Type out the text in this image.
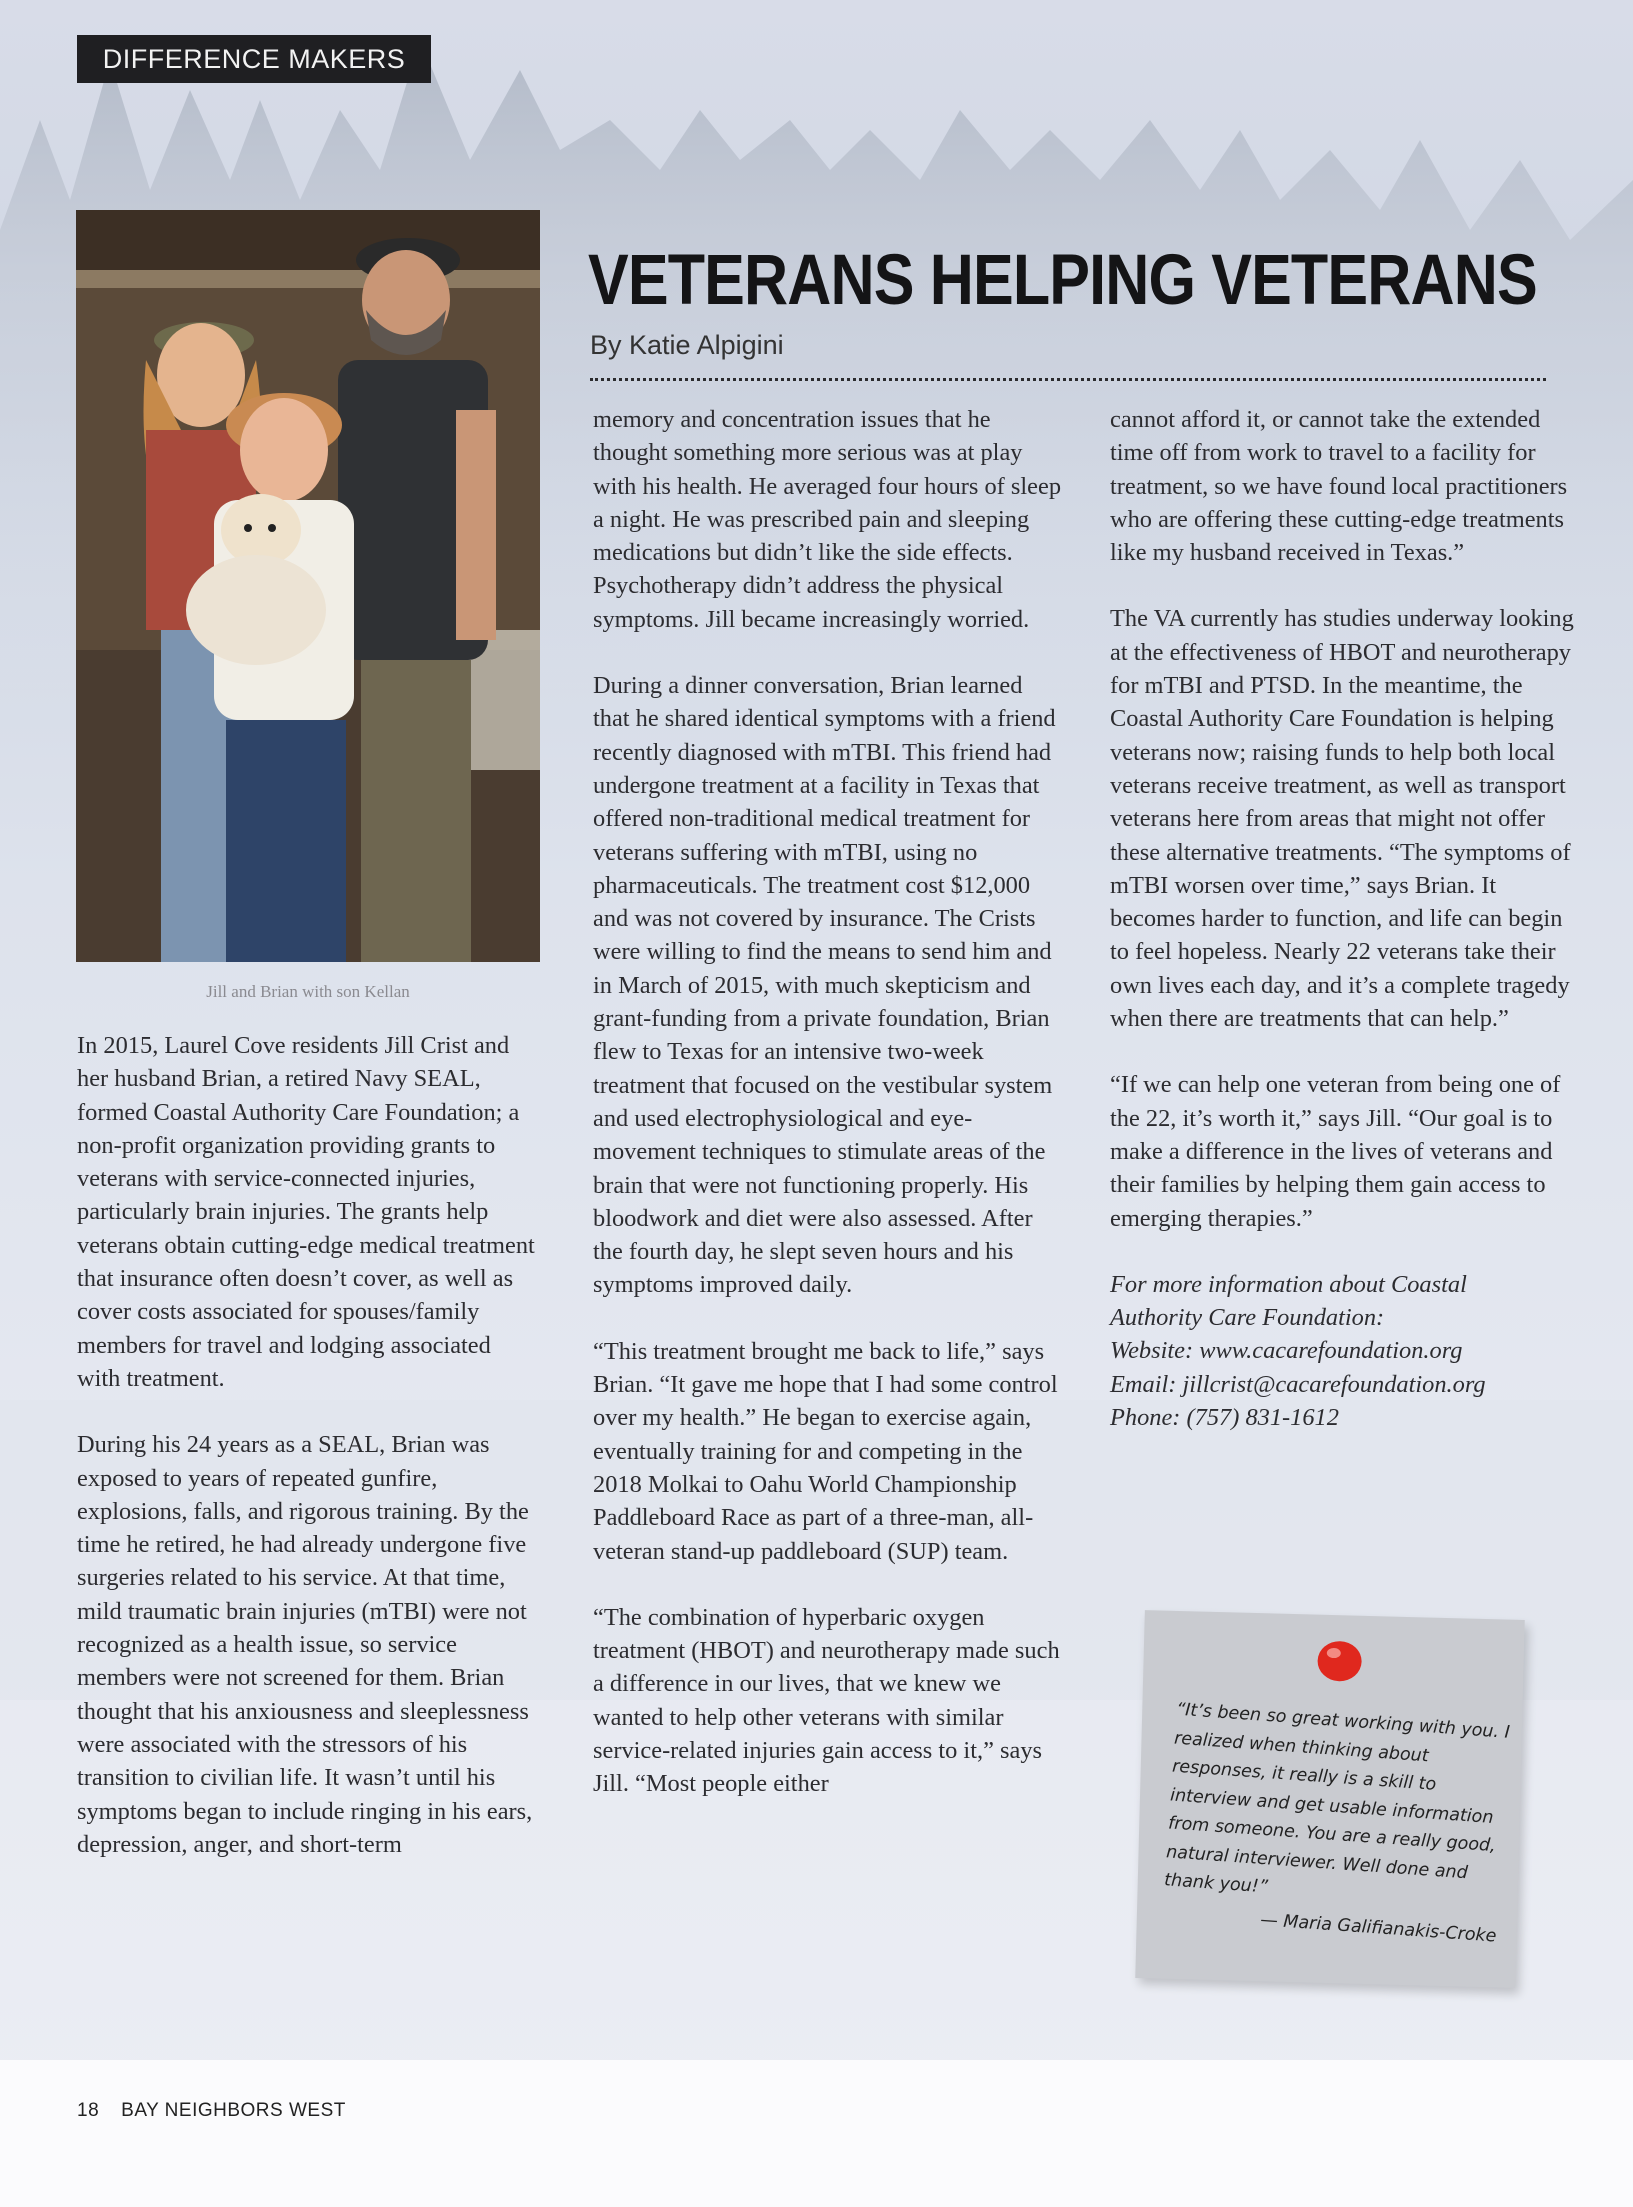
DIFFERENCE MAKERS
Jill and Brian with son Kellan
VETERANS HELPING VETERANS
By Katie Alpigini

In 2015, Laurel Cove residents Jill Crist and her husband Brian, a retired Navy SEAL, formed Coastal Authority Care Foundation; a non-profit organization providing grants to veterans with service-connected injuries, particularly brain injuries. The grants help veterans obtain cutting-edge medical treatment that insurance often doesn’t cover, as well as cover costs associated for spouses/family members for travel and lodging associated with treatment.

During his 24 years as a SEAL, Brian was exposed to years of repeated gunfire, explosions, falls, and rigorous training. By the time he retired, he had already undergone five surgeries related to his service. At that time, mild traumatic brain injuries (mTBI) were not recognized as a health issue, so service members were not screened for them. Brian thought that his anxiousness and sleeplessness were associated with the stressors of his transition to civilian life. It wasn’t until his symptoms began to include ringing in his ears, depression, anger, and short-term

memory and concentration issues that he thought something more serious was at play with his health. He averaged four hours of sleep a night. He was prescribed pain and sleeping medications but didn’t like the side effects. Psychotherapy didn’t address the physical symptoms. Jill became increasingly worried.

During a dinner conversation, Brian learned that he shared identical symptoms with a friend recently diagnosed with mTBI. This friend had undergone treatment at a facility in Texas that offered non-traditional medical treatment for veterans suffering with mTBI, using no pharmaceuticals. The treatment cost $12,000 and was not covered by insurance. The Crists were willing to find the means to send him and in March of 2015, with much skepticism and grant-funding from a private foundation, Brian flew to Texas for an intensive two-week treatment that focused on the vestibular system and used electrophysiological and eye-movement techniques to stimulate areas of the brain that were not functioning properly. His bloodwork and diet were also assessed. After the fourth day, he slept seven hours and his symptoms improved daily.

“This treatment brought me back to life,” says Brian. “It gave me hope that I had some control over my health.” He began to exercise again, eventually training for and competing in the 2018 Molkai to Oahu World Championship Paddleboard Race as part of a three-man, all-veteran stand-up paddleboard (SUP) team.

“The combination of hyperbaric oxygen treatment (HBOT) and neurotherapy made such a difference in our lives, that we knew we wanted to help other veterans with similar service-related injuries gain access to it,” says Jill. “Most people either

cannot afford it, or cannot take the extended time off from work to travel to a facility for treatment, so we have found local practitioners who are offering these cutting-edge treatments like my husband received in Texas.”

The VA currently has studies underway looking at the effectiveness of HBOT and neurotherapy for mTBI and PTSD. In the meantime, the Coastal Authority Care Foundation is helping veterans now; raising funds to help both local veterans receive treatment, as well as transport veterans here from areas that might not offer these alternative treatments. “The symptoms of mTBI worsen over time,” says Brian. It becomes harder to function, and life can begin to feel hopeless. Nearly 22 veterans take their own lives each day, and it’s a complete tragedy when there are treatments that can help.”

“If we can help one veteran from being one of the 22, it’s worth it,” says Jill. “Our goal is to make a difference in the lives of veterans and their families by helping them gain access to emerging therapies.”

For more information about Coastal
Authority Care Foundation:
Website: www.cacarefoundation.org
Email: jillcrist@cacarefoundation.org
Phone: (757) 831-1612
“It’s been so great working with you. I realized when thinking about responses, it really is a skill to interview and get usable information from someone. You are a really good, natural interviewer. Well done and thank you!”
— Maria Galifianakis-Croke
18 BAY NEIGHBORS WEST
